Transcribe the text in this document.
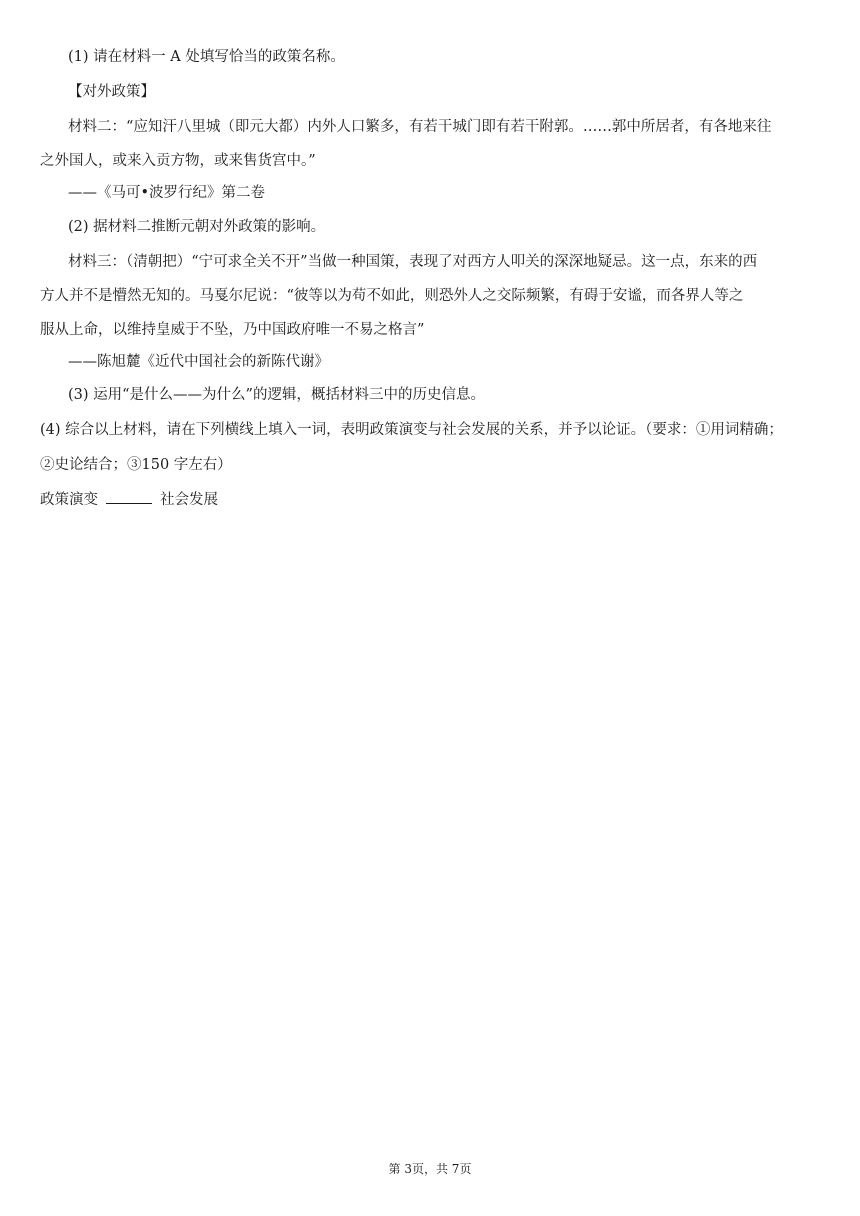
(1) 请在材料一 A 处填写恰当的政策名称。
【对外政策】
材料二：“应知汗八里城（即元大都）内外人口繁多，有若干城门即有若干附郭。……郭中所居者，有各地来往
之外国人，或来入贡方物，或来售货宫中。”
——《马可•波罗行纪》第二卷
(2) 据材料二推断元朝对外政策的影响。
材料三：（清朝把）“宁可求全关不开”当做一种国策，表现了对西方人叩关的深深地疑忌。这一点，东来的西
方人并不是懵然无知的。马戛尔尼说：“彼等以为苟不如此，则恐外人之交际频繁，有碍于安谧，而各界人等之
服从上命，以维持皇威于不坠，乃中国政府唯一不易之格言”
——陈旭麓《近代中国社会的新陈代谢》
(3) 运用“是什么——为什么”的逻辑，概括材料三中的历史信息。
(4) 综合以上材料，请在下列横线上填入一词，表明政策演变与社会发展的关系，并予以论证。（要求：①用词精确；
②史论结合；③150 字左右）
政策演变	社会发展
第 3页，共 7页
